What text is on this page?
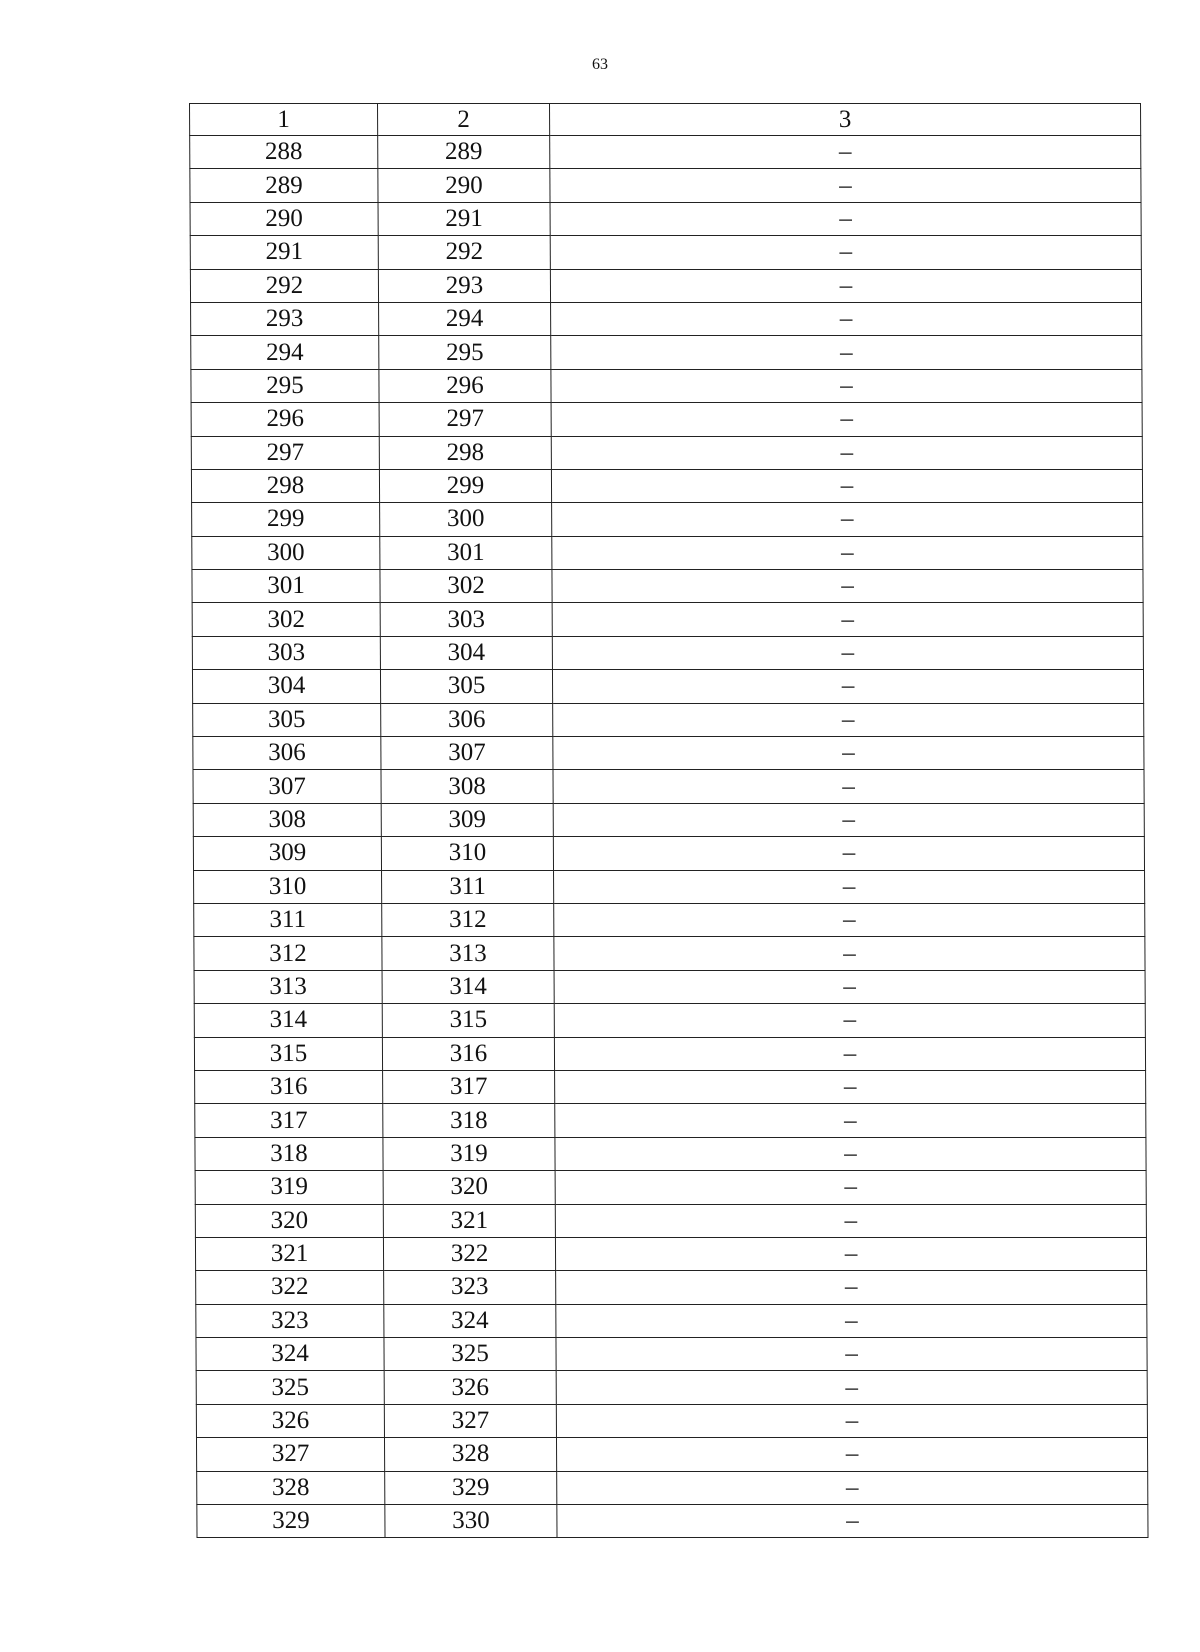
63
1	2	3
288	289	–
289	290	–
290	291	–
291	292	–
292	293	–
293	294	–
294	295	–
295	296	–
296	297	–
297	298	–
298	299	–
299	300	–
300	301	–
301	302	–
302	303	–
303	304	–
304	305	–
305	306	–
306	307	–
307	308	–
308	309	–
309	310	–
310	311	–
311	312	–
312	313	–
313	314	–
314	315	–
315	316	–
316	317	–
317	318	–
318	319	–
319	320	–
320	321	–
321	322	–
322	323	–
323	324	–
324	325	–
325	326	–
326	327	–
327	328	–
328	329	–
329	330	–
